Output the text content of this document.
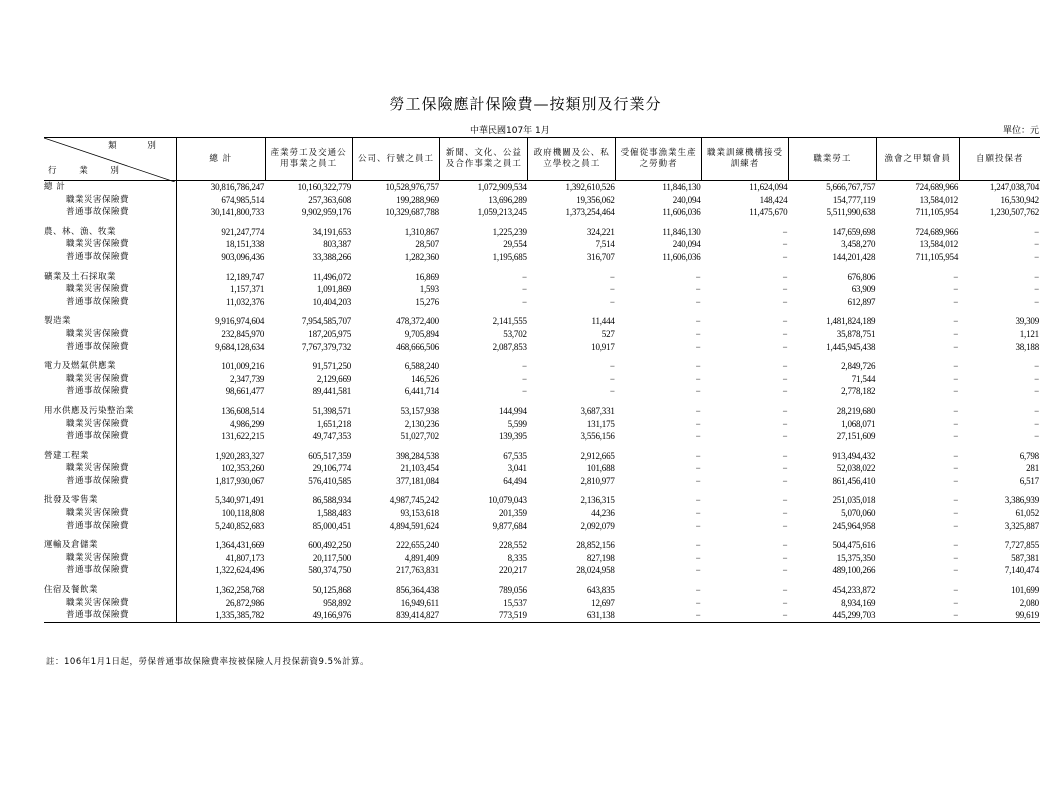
勞工保險應計保險費—按類別及行業分
中華民國107年 1月	單位：元
類 別
行 業 別	總 計	產業勞工及交通公用事業之員工	公司、行號之員工	新聞、文化、公益及合作事業之員工	政府機關及公、私立學校之員工	受僱從事漁業生產之勞動者	職業訓練機構接受訓練者	職業勞工	漁會之甲類會員	自願投保者
總 計	30,816,786,247	10,160,322,779	10,528,976,757	1,072,909,534	1,392,610,526	11,846,130	11,624,094	5,666,767,757	724,689,966	1,247,038,704
職業災害保險費	674,985,514	257,363,608	199,288,969	13,696,289	19,356,062	240,094	148,424	154,777,119	13,584,012	16,530,942
普通事故保險費	30,141,800,733	9,902,959,176	10,329,687,788	1,059,213,245	1,373,254,464	11,606,036	11,475,670	5,511,990,638	711,105,954	1,230,507,762

農、林、漁、牧業	921,247,774	34,191,653	1,310,867	1,225,239	324,221	11,846,130	−	147,659,698	724,689,966	−
職業災害保險費	18,151,338	803,387	28,507	29,554	7,514	240,094	−	3,458,270	13,584,012	−
普通事故保險費	903,096,436	33,388,266	1,282,360	1,195,685	316,707	11,606,036	−	144,201,428	711,105,954	−

礦業及土石採取業	12,189,747	11,496,072	16,869	−	−	−	−	676,806	−	−
職業災害保險費	1,157,371	1,091,869	1,593	−	−	−	−	63,909	−	−
普通事故保險費	11,032,376	10,404,203	15,276	−	−	−	−	612,897	−	−

製造業	9,916,974,604	7,954,585,707	478,372,400	2,141,555	11,444	−	−	1,481,824,189	−	39,309
職業災害保險費	232,845,970	187,205,975	9,705,894	53,702	527	−	−	35,878,751	−	1,121
普通事故保險費	9,684,128,634	7,767,379,732	468,666,506	2,087,853	10,917	−	−	1,445,945,438	−	38,188

電力及燃氣供應業	101,009,216	91,571,250	6,588,240	−	−	−	−	2,849,726	−	−
職業災害保險費	2,347,739	2,129,669	146,526	−	−	−	−	71,544	−	−
普通事故保險費	98,661,477	89,441,581	6,441,714	−	−	−	−	2,778,182	−	−

用水供應及污染整治業	136,608,514	51,398,571	53,157,938	144,994	3,687,331	−	−	28,219,680	−	−
職業災害保險費	4,986,299	1,651,218	2,130,236	5,599	131,175	−	−	1,068,071	−	−
普通事故保險費	131,622,215	49,747,353	51,027,702	139,395	3,556,156	−	−	27,151,609	−	−

營建工程業	1,920,283,327	605,517,359	398,284,538	67,535	2,912,665	−	−	913,494,432	−	6,798
職業災害保險費	102,353,260	29,106,774	21,103,454	3,041	101,688	−	−	52,038,022	−	281
普通事故保險費	1,817,930,067	576,410,585	377,181,084	64,494	2,810,977	−	−	861,456,410	−	6,517

批發及零售業	5,340,971,491	86,588,934	4,987,745,242	10,079,043	2,136,315	−	−	251,035,018	−	3,386,939
職業災害保險費	100,118,808	1,588,483	93,153,618	201,359	44,236	−	−	5,070,060	−	61,052
普通事故保險費	5,240,852,683	85,000,451	4,894,591,624	9,877,684	2,092,079	−	−	245,964,958	−	3,325,887

運輸及倉儲業	1,364,431,669	600,492,250	222,655,240	228,552	28,852,156	−	−	504,475,616	−	7,727,855
職業災害保險費	41,807,173	20,117,500	4,891,409	8,335	827,198	−	−	15,375,350	−	587,381
普通事故保險費	1,322,624,496	580,374,750	217,763,831	220,217	28,024,958	−	−	489,100,266	−	7,140,474

住宿及餐飲業	1,362,258,768	50,125,868	856,364,438	789,056	643,835	−	−	454,233,872	−	101,699
職業災害保險費	26,872,986	958,892	16,949,611	15,537	12,697	−	−	8,934,169	−	2,080
普通事故保險費	1,335,385,782	49,166,976	839,414,827	773,519	631,138	−	−	445,299,703	−	99,619
註：106年1月1日起，勞保普通事故保險費率按被保險人月投保薪資9.5%計算。
